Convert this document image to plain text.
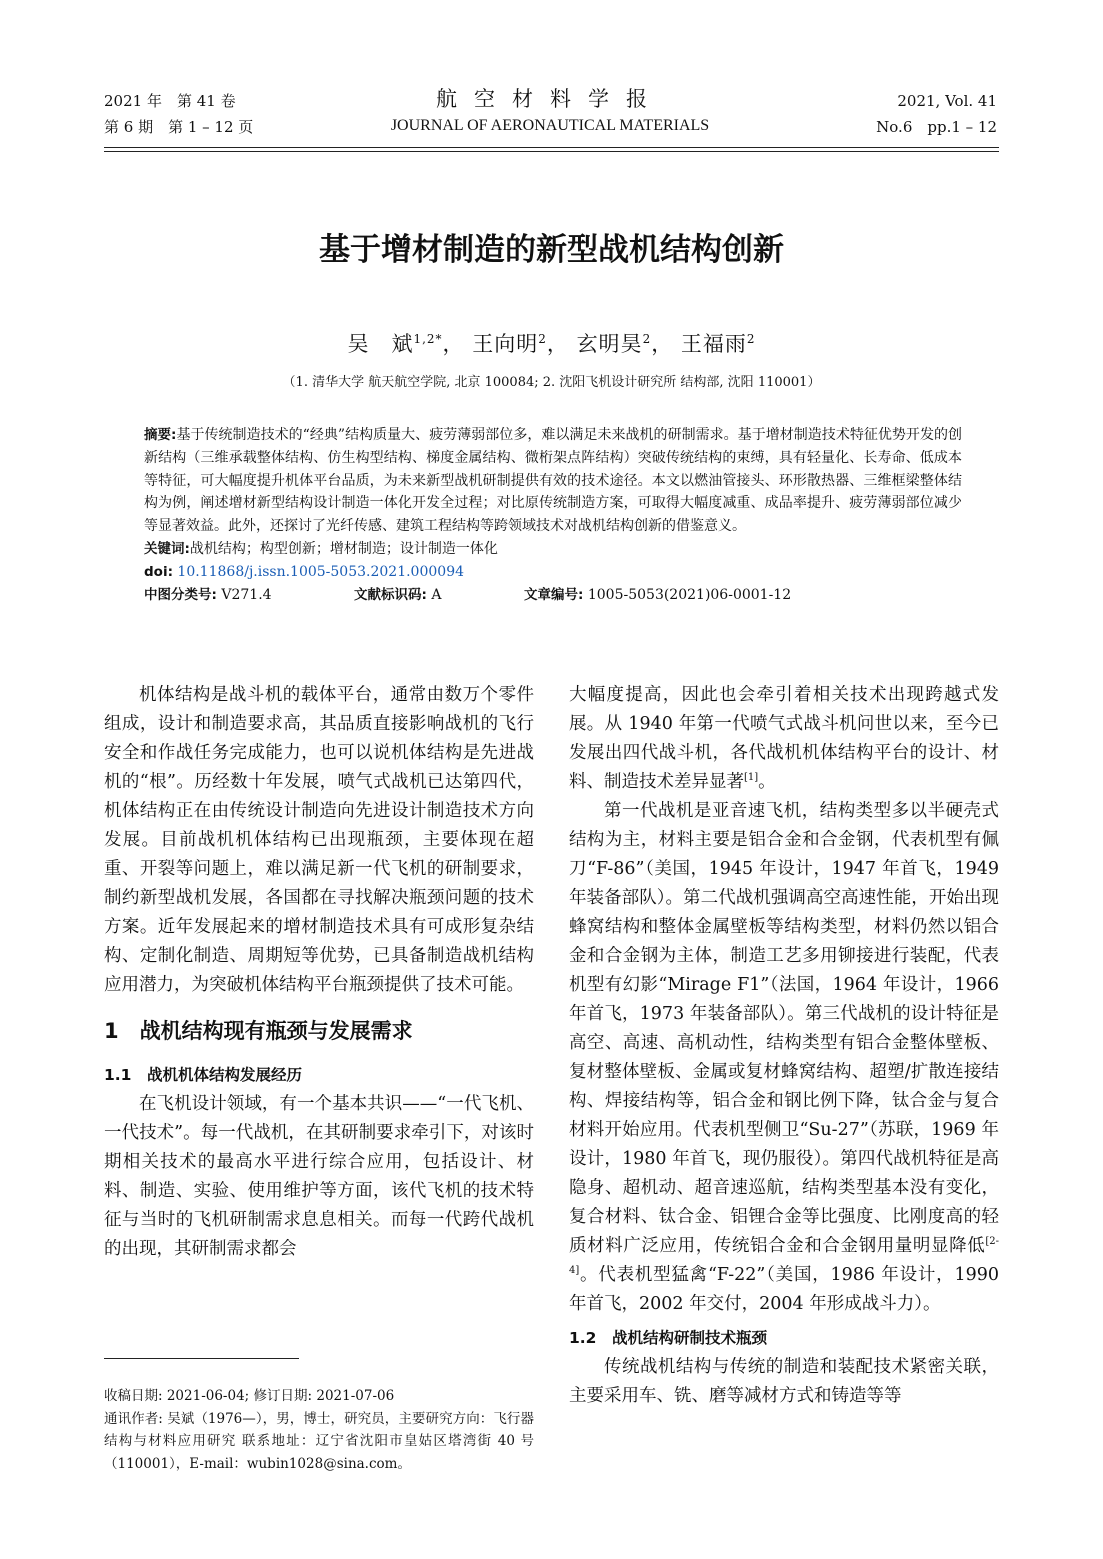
2021 年　第 41 卷
第 6 期　第 1 – 12 页
航空材料学报
JOURNAL OF AERONAUTICAL MATERIALS
2021, Vol. 41
No.6　pp.1 – 12
基于增材制造的新型战机结构创新
吴　斌$^{1,2*}$， 王向明$^2$， 玄明昊$^2$， 王福雨$^2$
（1. 清华大学 航天航空学院, 北京 100084; 2. 沈阳飞机设计研究所 结构部, 沈阳 110001）
摘要:基于传统制造技术的“经典”结构质量大、疲劳薄弱部位多，难以满足未来战机的研制需求。基于增材制造技术特征优势开发的创新结构（三维承载整体结构、仿生构型结构、梯度金属结构、微桁架点阵结构）突破传统结构的束缚，具有轻量化、长寿命、低成本等特征，可大幅度提升机体平台品质，为未来新型战机研制提供有效的技术途径。本文以燃油管接头、环形散热器、三维框梁整体结构为例，阐述增材新型结构设计制造一体化开发全过程；对比原传统制造方案，可取得大幅度减重、成品率提升、疲劳薄弱部位减少等显著效益。此外，还探讨了光纤传感、建筑工程结构等跨领域技术对战机结构创新的借鉴意义。
关键词:战机结构；构型创新；增材制造；设计制造一体化
doi: 10.11868/j.issn.1005-5053.2021.000094
中图分类号: V271.4	文献标识码: A	文章编号: 1005-5053(2021)06-0001-12

机体结构是战斗机的载体平台，通常由数万个零件组成，设计和制造要求高，其品质直接影响战机的飞行安全和作战任务完成能力，也可以说机体结构是先进战机的“根”。历经数十年发展，喷气式战机已达第四代，机体结构正在由传统设计制造向先进设计制造技术方向发展。目前战机机体结构已出现瓶颈，主要体现在超重、开裂等问题上，难以满足新一代飞机的研制要求，制约新型战机发展，各国都在寻找解决瓶颈问题的技术方案。近年发展起来的增材制造技术具有可成形复杂结构、定制化制造、周期短等优势，已具备制造战机结构应用潜力，为突破机体结构平台瓶颈提供了技术可能。

1　战机结构现有瓶颈与发展需求
1.1　战机机体结构发展经历

在飞机设计领域，有一个基本共识——“一代飞机、一代技术”。每一代战机，在其研制要求牵引下，对该时期相关技术的最高水平进行综合应用，包括设计、材料、制造、实验、使用维护等方面，该代飞机的技术特征与当时的飞机研制需求息息相关。而每一代跨代战机的出现，其研制需求都会

收稿日期: 2021-06-04; 修订日期: 2021-07-06
通讯作者: 吴斌（1976—），男，博士，研究员，主要研究方向：飞行器结构与材料应用研究 联系地址：辽宁省沈阳市皇姑区塔湾街 40 号（110001），E-mail：wubin1028@sina.com。

大幅度提高，因此也会牵引着相关技术出现跨越式发展。从 1940 年第一代喷气式战斗机问世以来，至今已发展出四代战斗机，各代战机机体结构平台的设计、材料、制造技术差异显著[1]。

第一代战机是亚音速飞机，结构类型多以半硬壳式结构为主，材料主要是铝合金和合金钢，代表机型有佩刀“F-86”（美国，1945 年设计，1947 年首飞，1949 年装备部队）。第二代战机强调高空高速性能，开始出现蜂窝结构和整体金属壁板等结构类型，材料仍然以铝合金和合金钢为主体，制造工艺多用铆接进行装配，代表机型有幻影“Mirage F1”（法国，1964 年设计，1966 年首飞，1973 年装备部队）。第三代战机的设计特征是高空、高速、高机动性，结构类型有铝合金整体壁板、复材整体壁板、金属或复材蜂窝结构、超塑/扩散连接结构、焊接结构等，铝合金和钢比例下降，钛合金与复合材料开始应用。代表机型侧卫“Su-27”（苏联，1969 年设计，1980 年首飞，现仍服役）。第四代战机特征是高隐身、超机动、超音速巡航，结构类型基本没有变化，复合材料、钛合金、铝锂合金等比强度、比刚度高的轻质材料广泛应用，传统铝合金和合金钢用量明显降低[2-4]。代表机型猛禽“F-22”（美国，1986 年设计，1990 年首飞，2002 年交付，2004 年形成战斗力）。

1.2　战机结构研制技术瓶颈

传统战机结构与传统的制造和装配技术紧密关联，主要采用车、铣、磨等减材方式和铸造等等
